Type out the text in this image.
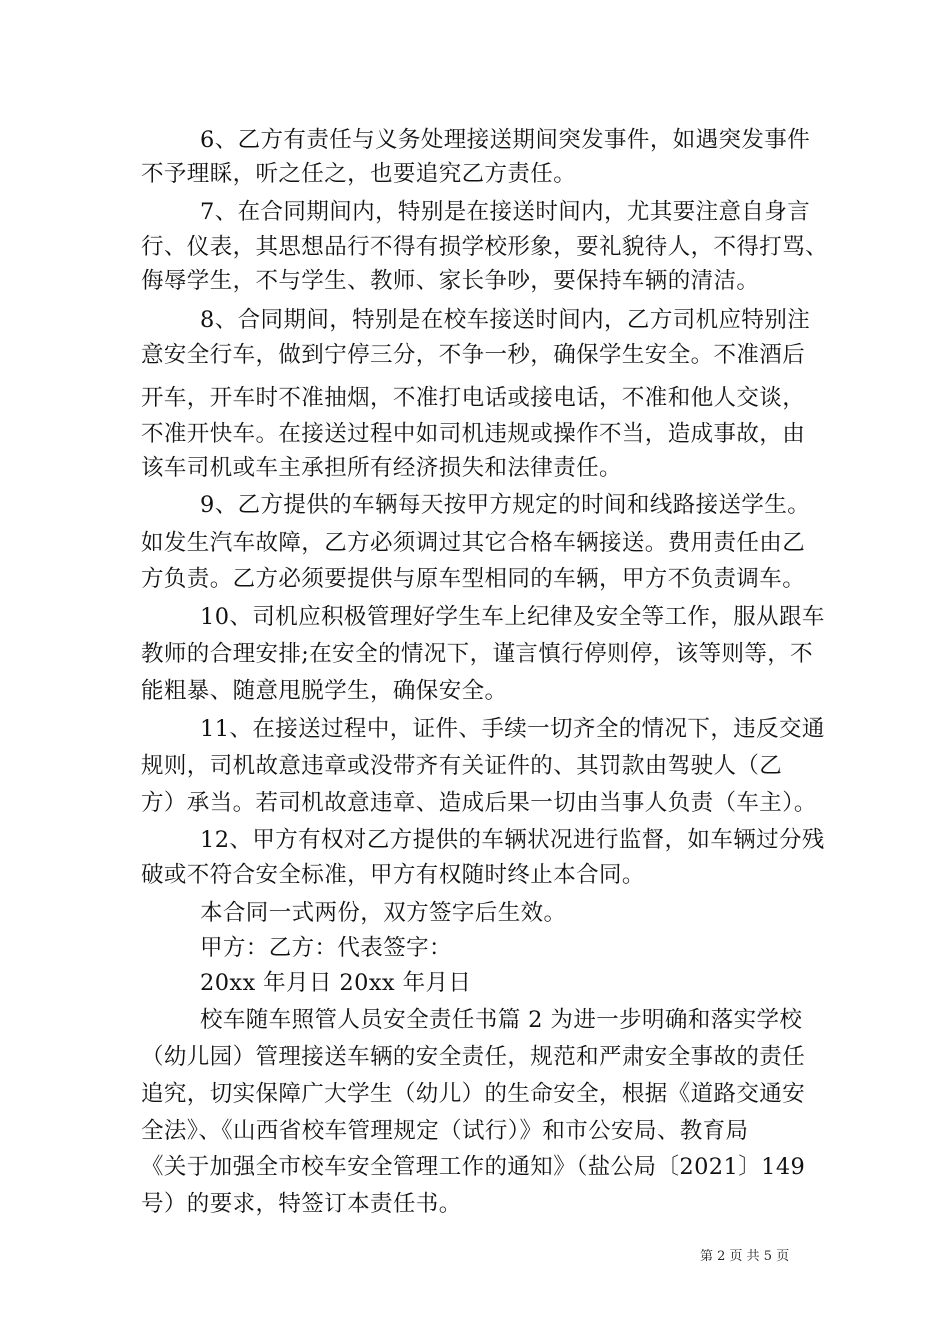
6、乙方有责任与义务处理接送期间突发事件，如遇突发事件
不予理睬，听之任之，也要追究乙方责任。
7、在合同期间内，特别是在接送时间内，尤其要注意自身言
行、仪表，其思想品行不得有损学校形象，要礼貌待人，不得打骂、
侮辱学生，不与学生、教师、家长争吵，要保持车辆的清洁。
8、合同期间，特别是在校车接送时间内，乙方司机应特别注
意安全行车，做到宁停三分，不争一秒，确保学生安全。不准酒后
开车，开车时不准抽烟，不准打电话或接电话，不准和他人交谈，
不准开快车。在接送过程中如司机违规或操作不当，造成事故，由
该车司机或车主承担所有经济损失和法律责任。
9、乙方提供的车辆每天按甲方规定的时间和线路接送学生。
如发生汽车故障，乙方必须调过其它合格车辆接送。费用责任由乙
方负责。乙方必须要提供与原车型相同的车辆，甲方不负责调车。
10、司机应积极管理好学生车上纪律及安全等工作，服从跟车
教师的合理安排;在安全的情况下，谨言慎行停则停，该等则等，不
能粗暴、随意甩脱学生，确保安全。
11、在接送过程中，证件、手续一切齐全的情况下，违反交通
规则，司机故意违章或没带齐有关证件的、其罚款由驾驶人（乙
方）承当。若司机故意违章、造成后果一切由当事人负责（车主）。
12、甲方有权对乙方提供的车辆状况进行监督，如车辆过分残
破或不符合安全标准，甲方有权随时终止本合同。
本合同一式两份，双方签字后生效。
甲方：乙方：代表签字：
20xx 年月日 20xx 年月日
校车随车照管人员安全责任书篇 2 为进一步明确和落实学校
（幼儿园）管理接送车辆的安全责任，规范和严肃安全事故的责任
追究，切实保障广大学生（幼儿）的生命安全，根据《道路交通安
全法》、《山西省校车管理规定（试行）》和市公安局、教育局
《关于加强全市校车安全管理工作的通知》（盐公局〔2021〕149
号）的要求，特签订本责任书。
第 2 页 共 5 页
